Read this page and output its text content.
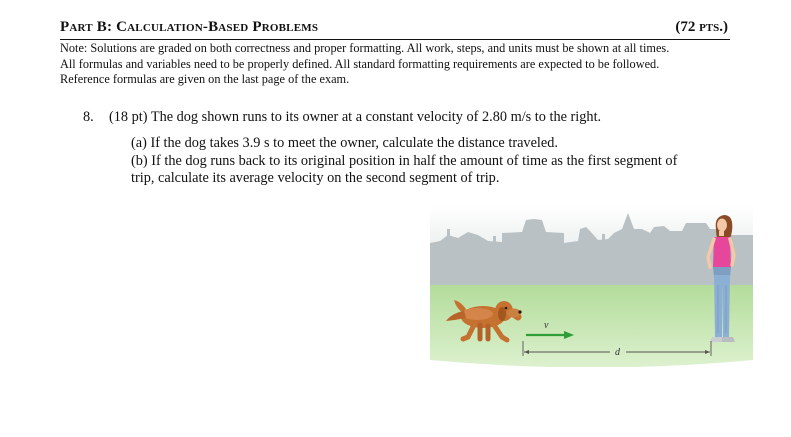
Part B: Calculation-Based Problems	(72 pts.)

Note: Solutions are graded on both correctness and proper formatting. All work, steps, and units must be shown at all times.

All formulas and variables need to be properly defined. All standard formatting requirements are expected to be followed.

Reference formulas are given on the last page of the exam.

8. (18 pt) The dog shown runs to its owner at a constant velocity of 2.80 m/s to the right.

(a) If the dog takes 3.9 s to meet the owner, calculate the distance traveled.

(b) If the dog runs back to its original position in half the amount of time as the first segment of

trip, calculate its average velocity on the second segment of trip.

v
d
